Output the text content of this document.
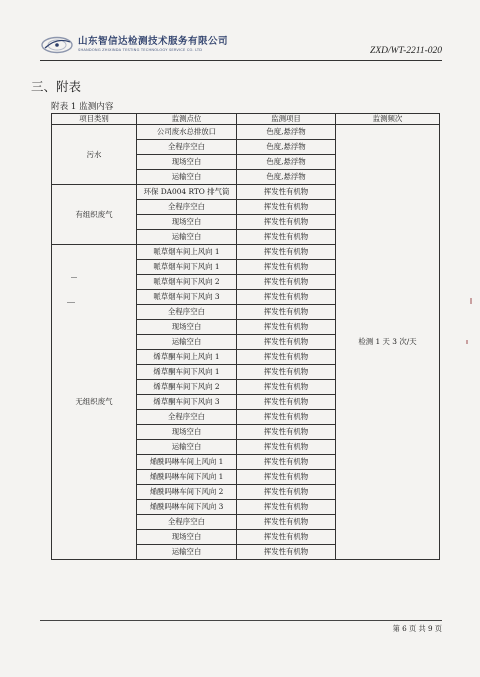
山东智信达检测技术服务有限公司
SHANDONG ZHIXINDA TESTING TECHNOLOGY SERVICE CO. LTD	ZXD/WT-2211-020
三、附表
附表 1 监测内容
项目类别	监测点位	监测项目	监测频次
污水	公司废水总排放口	色度,悬浮物	检测 1 天 3 次/天
	全程序空白	色度,悬浮物	
	现场空白	色度,悬浮物	
	运输空白	色度,悬浮物	
有组织废气	环保 DA004 RTO 排气筒	挥发性有机物	
	全程序空白	挥发性有机物	
	现场空白	挥发性有机物	
	运输空白	挥发性有机物	
无组织废气	哌草烟车间上风向 1	挥发性有机物	
	哌草烟车间下风向 1	挥发性有机物	
	哌草烟车间下风向 2	挥发性有机物	
	哌草烟车间下风向 3	挥发性有机物	
	全程序空白	挥发性有机物	
	现场空白	挥发性有机物	
	运输空白	挥发性有机物	
	烯草酮车间上风向 1	挥发性有机物	
	烯草酮车间下风向 1	挥发性有机物	
	烯草酮车间下风向 2	挥发性有机物	
	烯草酮车间下风向 3	挥发性有机物	
	全程序空白	挥发性有机物	
	现场空白	挥发性有机物	
	运输空白	挥发性有机物	
	烯酰吗啉车间上风向 1	挥发性有机物	
	烯酰吗啉车间下风向 1	挥发性有机物	
	烯酰吗啉车间下风向 2	挥发性有机物	
	烯酰吗啉车间下风向 3	挥发性有机物	
	全程序空白	挥发性有机物	
	现场空白	挥发性有机物	
	运输空白	挥发性有机物	
第 6 页 共 9 页
